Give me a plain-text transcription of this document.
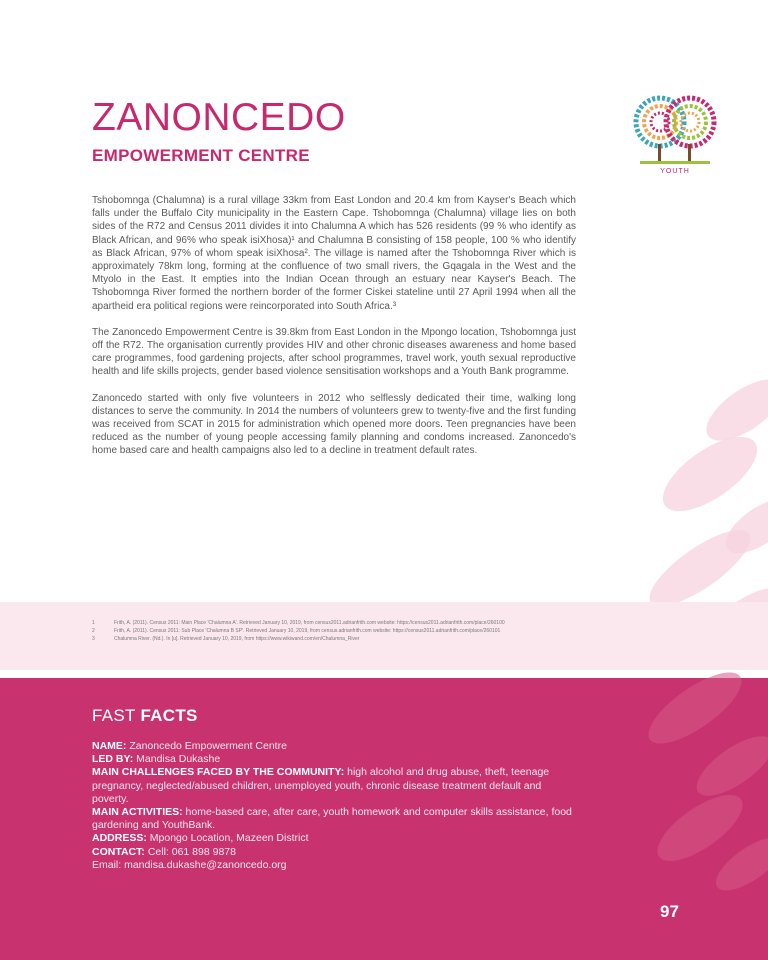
ZANONCEDO
EMPOWERMENT CENTRE
YOUTH

Tshobomnga (Chalumna) is a rural village 33km from East London and 20.4 km from Kayser's Beach which falls under the Buffalo City municipality in the Eastern Cape. Tshobomnga (Chalumna) village lies on both sides of the R72 and Census 2011 divides it into Chalumna A which has 526 residents (99 % who identify as Black African, and 96% who speak isiXhosa)¹ and Chalumna B consisting of 158 people, 100 % who identify as Black African, 97% of whom speak isiXhosa². The village is named after the Tshobomnga River which is approximately 78km long, forming at the confluence of two small rivers, the Gqagala in the West and the Mtyolo in the East. It empties into the Indian Ocean through an estuary near Kayser's Beach. The Tshobomnga River formed the northern border of the former Ciskei stateline until 27 April 1994 when all the apartheid era political regions were reincorporated into South Africa.³

The Zanoncedo Empowerment Centre is 39.8km from East London in the Mpongo location, Tshobomnga just off the R72. The organisation currently provides HIV and other chronic diseases awareness and home based care programmes, food gardening projects, after school programmes, travel work, youth sexual reproductive health and life skills projects, gender based violence sensitisation workshops and a Youth Bank programme.

Zanoncedo started with only five volunteers in 2012 who selflessly dedicated their time, walking long distances to serve the community. In 2014 the numbers of volunteers grew to twenty-five and the first funding was received from SCAT in 2015 for administration which opened more doors. Teen pregnancies have been reduced as the number of young people accessing family planning and condoms increased. Zanoncedo's home based care and health campaigns also led to a decline in treatment default rates.

1	Frith, A. (2011). Census 2011: Main Place 'Chalumna A'. Retrieved January 10, 2019, from census2011.adrianfrith.com website: https://census2011.adrianfrith.com/place/260100
2	Frith, A. (2011). Census 2011: Sub Place 'Chalumna B SP'. Retrieved January 10, 2019, from census.adrianfrith.com website: https://census2011.adrianfrith.com/place/260101
3	Chalumna River. (Nd.). In [u]. Retrieved January 10, 2019, from https://www.wikiwand.com/en/Chalumna_River
FAST FACTS
NAME: Zanoncedo Empowerment Centre
LED BY: Mandisa Dukashe
MAIN CHALLENGES FACED BY THE COMMUNITY: high alcohol and drug abuse, theft, teenage pregnancy, neglected/abused children, unemployed youth, chronic disease treatment default and poverty.
MAIN ACTIVITIES: home-based care, after care, youth homework and computer skills assistance, food gardening and YouthBank.
ADDRESS: Mpongo Location, Mazeen District
CONTACT: Cell: 061 898 9878
Email: mandisa.dukashe@zanoncedo.org
97
